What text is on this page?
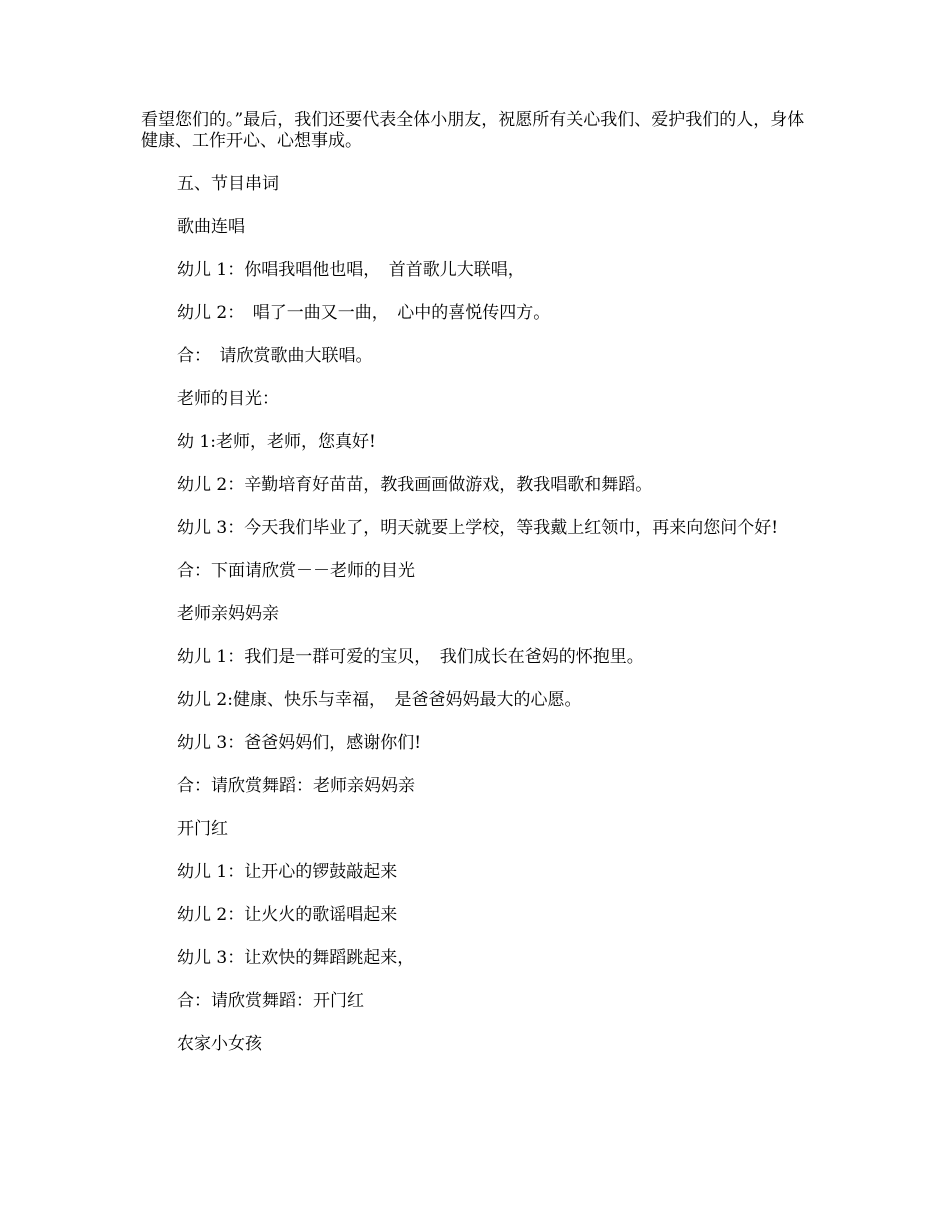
看望您们的。”最后，我们还要代表全体小朋友，祝愿所有关心我们、爱护我们的人，身体健康、工作开心、心想事成。

五、节目串词

歌曲连唱

幼儿 1：你唱我唱他也唱，　首首歌儿大联唱，

幼儿 2：　唱了一曲又一曲，　心中的喜悦传四方。

合：　请欣赏歌曲大联唱。

老师的目光：

幼 1:老师，老师，您真好!

幼儿 2：辛勤培育好苗苗，教我画画做游戏，教我唱歌和舞蹈。

幼儿 3：今天我们毕业了，明天就要上学校，等我戴上红领巾，再来向您问个好!

合：下面请欣赏－－老师的目光

老师亲妈妈亲

幼儿 1：我们是一群可爱的宝贝，　我们成长在爸妈的怀抱里。

幼儿 2:健康、快乐与幸福，　是爸爸妈妈最大的心愿。

幼儿 3：爸爸妈妈们，感谢你们!

合：请欣赏舞蹈：老师亲妈妈亲

开门红

幼儿 1：让开心的锣鼓敲起来

幼儿 2：让火火的歌谣唱起来

幼儿 3：让欢快的舞蹈跳起来，

合：请欣赏舞蹈：开门红

农家小女孩
